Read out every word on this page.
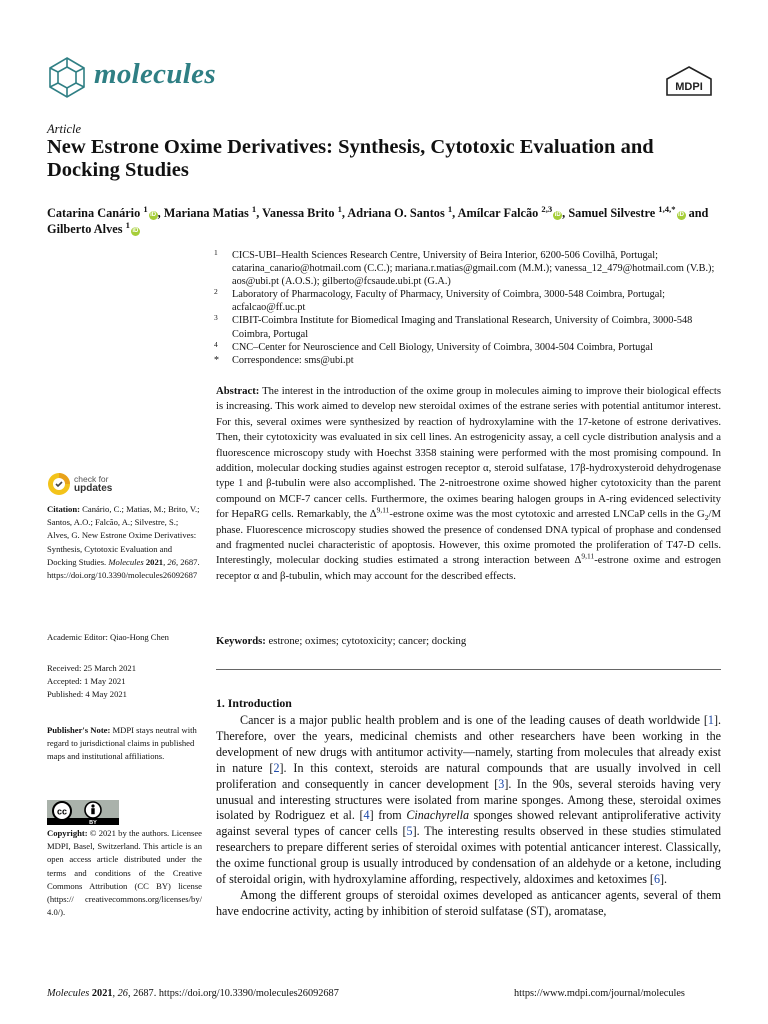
molecules	MDPI
Article
New Estrone Oxime Derivatives: Synthesis, Cytotoxic Evaluation and Docking Studies
Catarina Canário $^1$iD , Mariana Matias $^1$, Vanessa Brito $^1$, Adriana O. Santos $^1$, Amílcar Falcão $^{2,3}$iD , Samuel Silvestre $^{1,4,*}$iD and Gilberto Alves $^1$iD
1 CICS-UBI–Health Sciences Research Centre, University of Beira Interior, 6200-506 Covilhã, Portugal; catarina_canario@hotmail.com (C.C.); mariana.r.matias@gmail.com (M.M.); vanessa_12_479@hotmail.com (V.B.); aos@ubi.pt (A.O.S.); gilberto@fcsaude.ubi.pt (G.A.)
2 Laboratory of Pharmacology, Faculty of Pharmacy, University of Coimbra, 3000-548 Coimbra, Portugal; acfalcao@ff.uc.pt
3 CIBIT-Coimbra Institute for Biomedical Imaging and Translational Research, University of Coimbra, 3000-548 Coimbra, Portugal
4 CNC–Center for Neuroscience and Cell Biology, University of Coimbra, 3004-504 Coimbra, Portugal
* Correspondence: sms@ubi.pt
check for
updates
Citation: Canário, C.; Matias, M.; Brito, V.; Santos, A.O.; Falcão, A.; Silvestre, S.; Alves, G. New Estrone Oxime Derivatives: Synthesis, Cytotoxic Evaluation and Docking Studies. Molecules 2021, 26, 2687. https://doi.org/10.3390/molecules26092687
Academic Editor: Qiao-Hong Chen
Received: 25 March 2021
Accepted: 1 May 2021
Published: 4 May 2021
Publisher's Note: MDPI stays neutral with regard to jurisdictional claims in published maps and institutional affiliations.
cc
BY
Copyright: © 2021 by the authors. Licensee MDPI, Basel, Switzerland. This article is an open access article distributed under the terms and conditions of the Creative Commons Attribution (CC BY) license (https:// creativecommons.org/licenses/by/ 4.0/).
Abstract: The interest in the introduction of the oxime group in molecules aiming to improve their biological effects is increasing. This work aimed to develop new steroidal oximes of the estrane series with potential antitumor interest. For this, several oximes were synthesized by reaction of hydroxylamine with the 17-ketone of estrone derivatives. Then, their cytotoxicity was evaluated in six cell lines. An estrogenicity assay, a cell cycle distribution analysis and a fluorescence microscopy study with Hoechst 3358 staining were performed with the most promising compound. In addition, molecular docking studies against estrogen receptor α, steroid sulfatase, 17β-hydroxysteroid dehydrogenase type 1 and β-tubulin were also accomplished. The 2-nitroestrone oxime showed higher cytotoxicity than the parent compound on MCF-7 cancer cells. Furthermore, the oximes bearing halogen groups in A-ring evidenced selectivity for HepaRG cells. Remarkably, the Δ$^{9,11}$-estrone oxime was the most cytotoxic and arrested LNCaP cells in the $G_2/M$ phase. Fluorescence microscopy studies showed the presence of condensed DNA typical of prophase and condensed and fragmented nuclei characteristic of apoptosis. However, this oxime promoted the proliferation of T47-D cells. Interestingly, molecular docking studies estimated a strong interaction between Δ$^{9,11}$-estrone oxime and estrogen receptor α and β-tubulin, which may account for the described effects.
Keywords: estrone; oximes; cytotoxicity; cancer; docking
1. Introduction

Cancer is a major public health problem and is one of the leading causes of death worldwide [1]. Therefore, over the years, medicinal chemists and other researchers have been working in the development of new drugs with antitumor activity—namely, starting from molecules that already exist in nature [2]. In this context, steroids are natural compounds that are usually involved in cell proliferation and consequently in cancer development [3]. In the 90s, several steroids having very unusual and interesting structures were isolated from marine sponges. Among these, steroidal oximes isolated by Rodriguez et al. [4] from Cinachyrella sponges showed relevant antiproliferative activity against several types of cancer cells [5]. The interesting results observed in these studies stimulated researchers to prepare different series of steroidal oximes with potential anticancer interest. Classically, the oxime functional group is usually introduced by condensation of an aldehyde or a ketone, including of steroidal origin, with hydroxylamine affording, respectively, aldoximes and ketoximes [6].

Among the different groups of steroidal oximes developed as anticancer agents, several of them have endocrine activity, acting by inhibition of steroid sulfatase (ST), aromatase,

Molecules 2021, 26, 2687. https://doi.org/10.3390/molecules26092687	https://www.mdpi.com/journal/molecules
